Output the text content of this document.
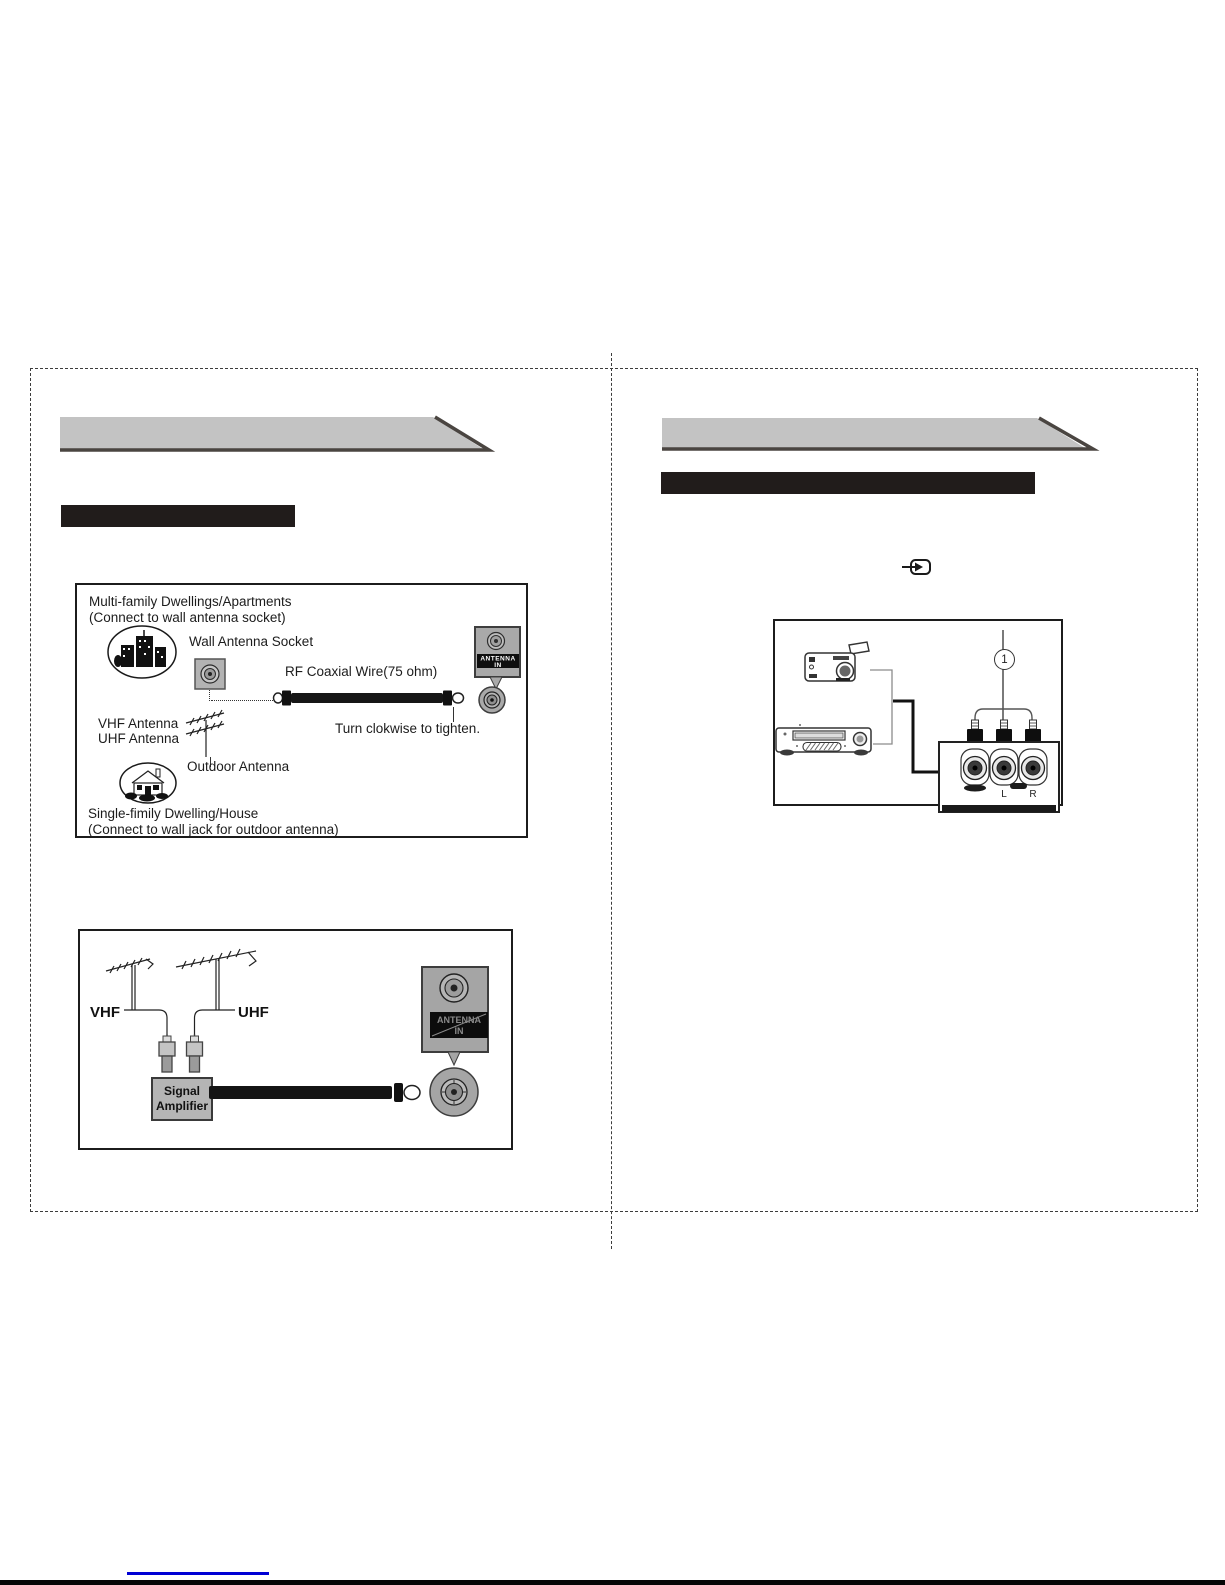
Multi-family Dwellings/Apartments
(Connect to wall antenna socket)
Wall Antenna Socket
RF Coaxial Wire(75 ohm)
VHF Antenna
UHF Antenna
Turn clokwise to tighten.
Outdoor Antenna
Single-fimily Dwelling/House
(Connect to wall jack for outdoor antenna)
ANTENNA
IN
VHF	UHF
Signal
Amplifier
ANTENNA
IN
L R
1
